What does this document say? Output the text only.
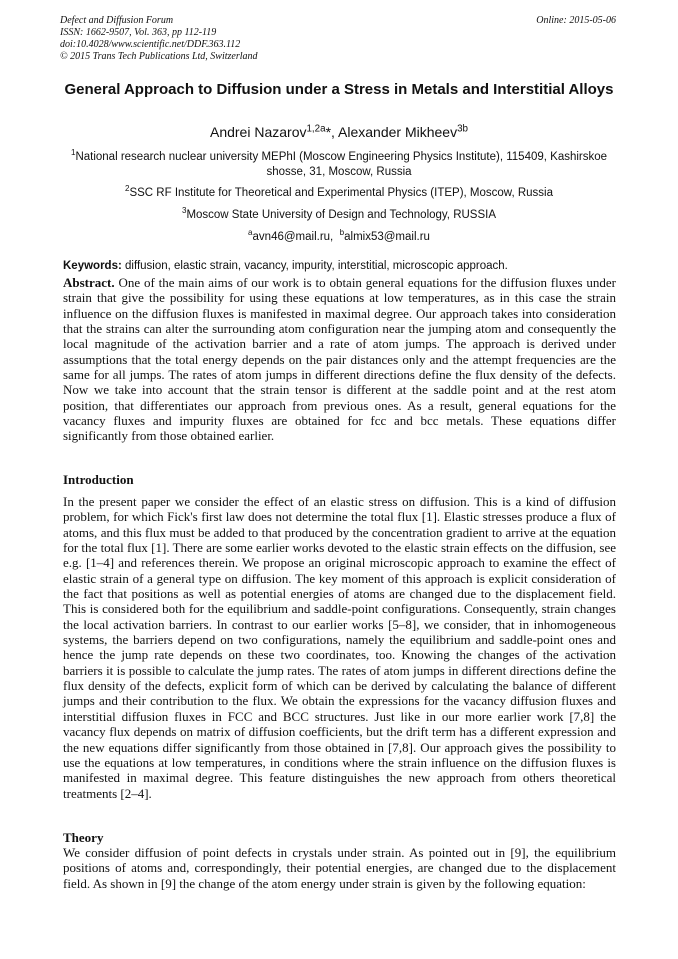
Defect and Diffusion Forum
ISSN: 1662-9507, Vol. 363, pp 112-119
doi:10.4028/www.scientific.net/DDF.363.112
© 2015 Trans Tech Publications Ltd, Switzerland
Online: 2015-05-06
General Approach to Diffusion under a Stress in Metals and Interstitial Alloys
Andrei Nazarov$^{1,2a}$*, Alexander Mikheev$^{3b}$
$^1$National research nuclear university MEPhI (Moscow Engineering Physics Institute), 115409, Kashirskoe shosse, 31, Moscow, Russia
$^2$SSC RF Institute for Theoretical and Experimental Physics (ITEP), Moscow, Russia
$^3$Moscow State University of Design and Technology, RUSSIA
$^a$avn46@mail.ru, $^b$almix53@mail.ru
Keywords: diffusion, elastic strain, vacancy, impurity, interstitial, microscopic approach.
Abstract. One of the main aims of our work is to obtain general equations for the diffusion fluxes under strain that give the possibility for using these equations at low temperatures, as in this case the strain influence on the diffusion fluxes is manifested in maximal degree. Our approach takes into consideration that the strains can alter the surrounding atom configuration near the jumping atom and consequently the local magnitude of the activation barrier and a rate of atom jumps. The approach is derived under assumptions that the total energy depends on the pair distances only and the attempt frequencies are the same for all jumps. The rates of atom jumps in different directions define the flux density of the defects. Now we take into account that the strain tensor is different at the saddle point and at the rest atom position, that differentiates our approach from previous ones. As a result, general equations for the vacancy fluxes and impurity fluxes are obtained for fcc and bcc metals. These equations differ significantly from those obtained earlier.
Introduction
In the present paper we consider the effect of an elastic stress on diffusion. This is a kind of diffusion problem, for which Fick's first law does not determine the total flux [1]. Elastic stresses produce a flux of atoms, and this flux must be added to that produced by the concentration gradient to arrive at the equation for the total flux [1]. There are some earlier works devoted to the elastic strain effects on the diffusion, see e.g. [1–4] and references therein. We propose an original microscopic approach to examine the effect of elastic strain of a general type on diffusion. The key moment of this approach is explicit consideration of the fact that positions as well as potential energies of atoms are changed due to the displacement field. This is considered both for the equilibrium and saddle-point configurations. Consequently, strain changes the local activation barriers. In contrast to our earlier works [5–8], we consider, that in inhomogeneous systems, the barriers depend on two configurations, namely the equilibrium and saddle-point ones and hence the jump rate depends on these two coordinates, too. Knowing the changes of the activation barriers it is possible to calculate the jump rates. The rates of atom jumps in different directions define the flux density of the defects, explicit form of which can be derived by calculating the balance of different jumps and their contribution to the flux. We obtain the expressions for the vacancy diffusion fluxes and interstitial diffusion fluxes in FCC and BCC structures. Just like in our more earlier work [7,8] the vacancy flux depends on matrix of diffusion coefficients, but the drift term has a different expression and the new equations differ significantly from those obtained in [7,8]. Our approach gives the possibility to use the equations at low temperatures, in conditions where the strain influence on the diffusion fluxes is manifested in maximal degree. This feature distinguishes the new approach from others theoretical treatments [2–4].
Theory
We consider diffusion of point defects in crystals under strain. As pointed out in [9], the equilibrium positions of atoms and, correspondingly, their potential energies, are changed due to the displacement field. As shown in [9] the change of the atom energy under strain is given by the following equation:
